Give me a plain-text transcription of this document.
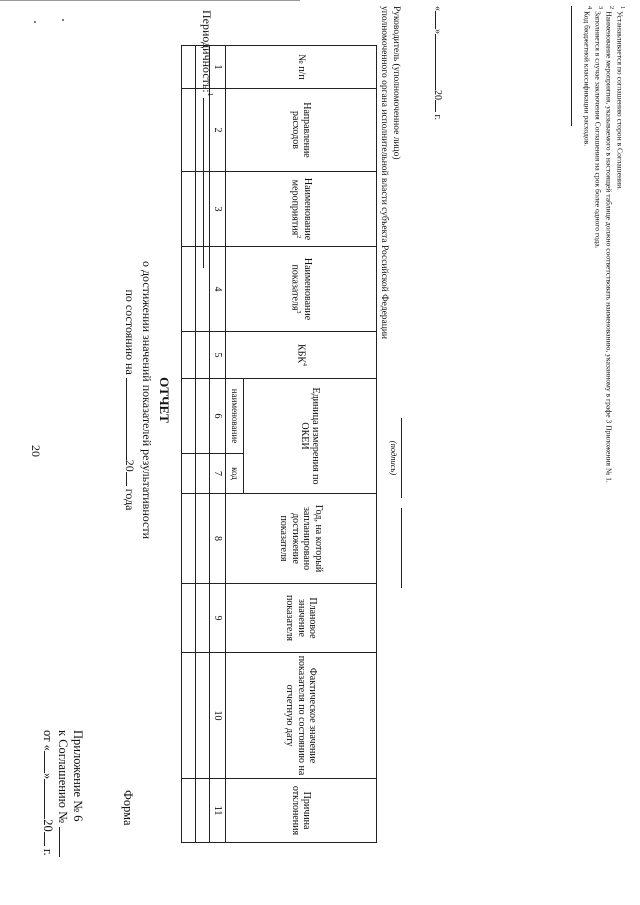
20
Приложение № 6
к Соглашению №
от «»20 г.
Форма
ОТЧЕТ
о достижении значений показателей результативности
по состоянию на 20 года
Периодичность:$^1$
№ п/п	Направление расходов	Наименование мероприятия$^2$	Наименование показателя$^3$	КБК$^4$	Единица измерения по ОКЕИ		Год, на который запланировано достижение показателя	Плановое значение показателя	Фактическое значение показателя по состоянию на отчетную дату	Причина отклонения
					наименование	код				
1	2	3	4	5	6	7	8	9	10	11

Руководитель (уполномоченное лицо)
уполномоченного органа исполнительной власти субъекта Российской Федерации
(подпись)
«»20 г.
$^1$ Устанавливается по соглашению сторон в Соглашении.
$^2$ Наименование мероприятия, указываемого в настоящей таблице должно соответствовать наименованию, указанному в графе 3 Приложения № 1.
$^3$ Заполняется в случае заключения Соглашения на срок более одного года.
$^4$ Код бюджетной классификации расходов.
